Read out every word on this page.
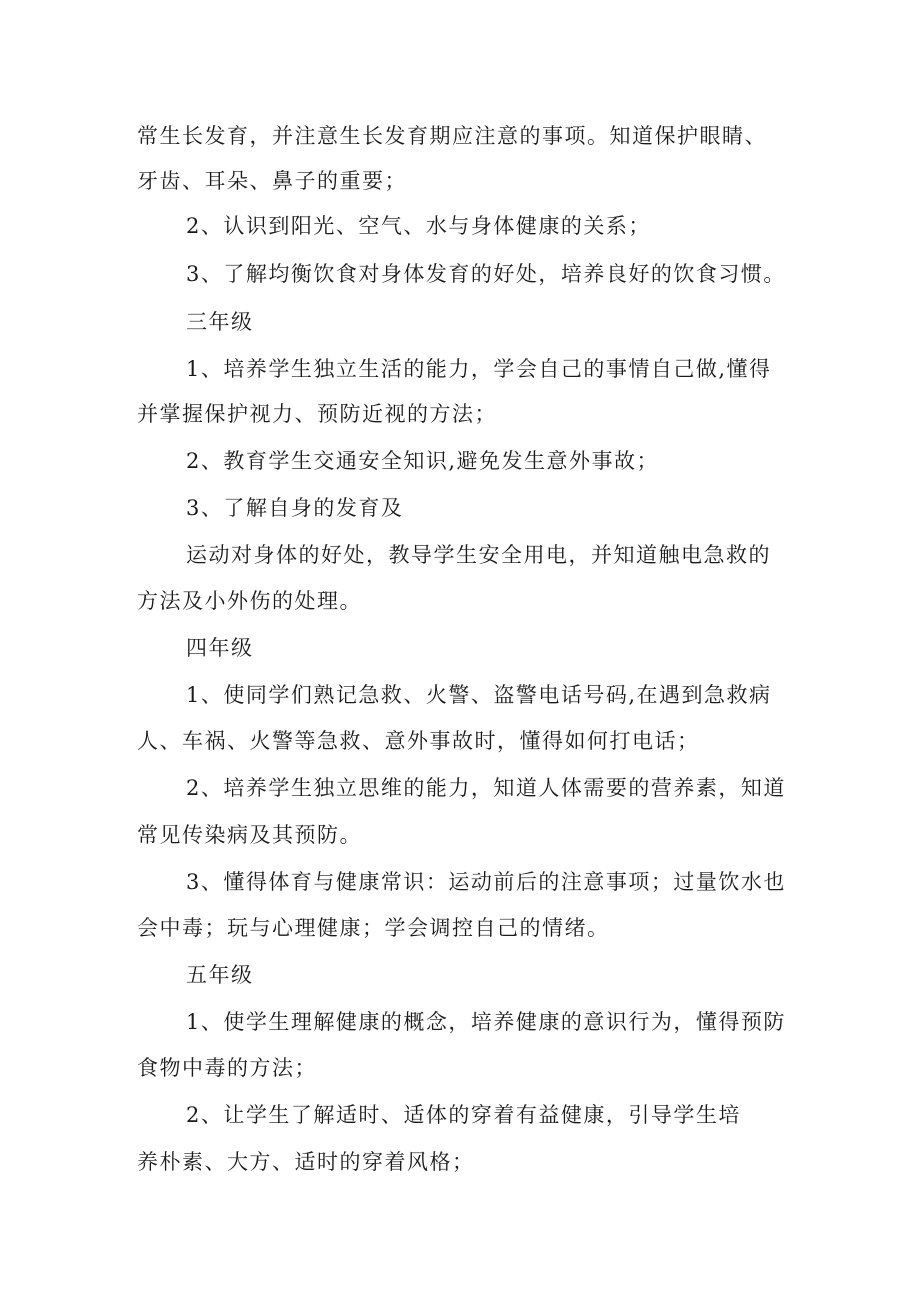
常生长发育，并注意生长发育期应注意的事项。知道保护眼睛、
牙齿、耳朵、鼻子的重要；
2、认识到阳光、空气、水与身体健康的关系；
3、了解均衡饮食对身体发育的好处，培养良好的饮食习惯。
三年级
1、培养学生独立生活的能力，学会自己的事情自己做,懂得
并掌握保护视力、预防近视的方法；
2、教育学生交通安全知识,避免发生意外事故；
3、了解自身的发育及
运动对身体的好处，教导学生安全用电，并知道触电急救的
方法及小外伤的处理。
四年级
1、使同学们熟记急救、火警、盗警电话号码,在遇到急救病
人、车祸、火警等急救、意外事故时，懂得如何打电话；
2、培养学生独立思维的能力，知道人体需要的营养素，知道
常见传染病及其预防。
3、懂得体育与健康常识：运动前后的注意事项；过量饮水也
会中毒；玩与心理健康；学会调控自己的情绪。
五年级
1、使学生理解健康的概念，培养健康的意识行为，懂得预防
食物中毒的方法；
2、让学生了解适时、适体的穿着有益健康，引导学生培
养朴素、大方、适时的穿着风格；
